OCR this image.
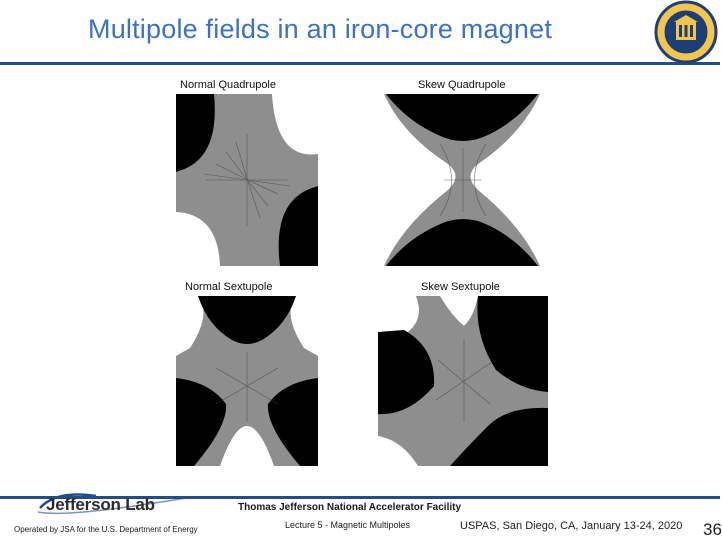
Multipole fields in an iron-core magnet
Normal Quadrupole	Skew Quadrupole
Normal Sextupole	Skew Sextupole
Jefferson Lab	Thomas Jefferson National Accelerator Facility
Operated by JSA for the U.S. Department of Energy	Lecture 5 - Magnetic Multipoles	USPAS, San Diego, CA, January 13-24, 2020 36
